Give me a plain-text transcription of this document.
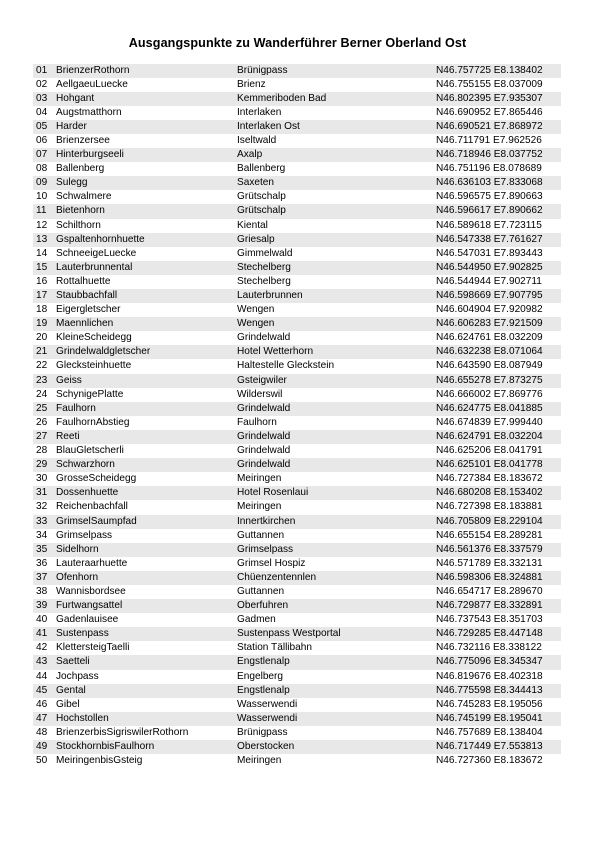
Ausgangspunkte zu Wanderführer Berner Oberland Ost
01 BrienzerRothorn	Brünigpass	N46.757725 E8.138402
02 AellgaeuLuecke	Brienz	N46.755155 E8.037009
03 Hohgant	Kemmeriboden Bad	N46.802395 E7.935307
04 Augstmatthorn	Interlaken	N46.690952 E7.865446
05 Harder	Interlaken Ost	N46.690521 E7.868972
06 Brienzersee	Iseltwald	N46.711791 E7.962526
07 Hinterburgseeli	Axalp	N46.718946 E8.037752
08 Ballenberg	Ballenberg	N46.751196 E8.078689
09 Sulegg	Saxeten	N46.636103 E7.833068
10 Schwalmere	Grütschalp	N46.596575 E7.890663
11 Bietenhorn	Grütschalp	N46.596617 E7.890662
12 Schilthorn	Kiental	N46.589618 E7.723115
13 Gspaltenhornhuette	Griesalp	N46.547338 E7.761627
14 SchneeigeLuecke	Gimmelwald	N46.547031 E7.893443
15 Lauterbrunnental	Stechelberg	N46.544950 E7.902825
16 Rottalhuette	Stechelberg	N46.544944 E7.902711
17 Staubbachfall	Lauterbrunnen	N46.598669 E7.907795
18 Eigergletscher	Wengen	N46.604904 E7.920982
19 Maennlichen	Wengen	N46.606283 E7.921509
20 KleineScheidegg	Grindelwald	N46.624761 E8.032209
21 Grindelwaldgletscher	Hotel Wetterhorn	N46.632238 E8.071064
22 Glecksteinhuette	Haltestelle Gleckstein	N46.643590 E8.087949
23 Geiss	Gsteigwiler	N46.655278 E7.873275
24 SchynigePlatte	Wilderswil	N46.666002 E7.869776
25 Faulhorn	Grindelwald	N46.624775 E8.041885
26 FaulhornAbstieg	Faulhorn	N46.674839 E7.999440
27 Reeti	Grindelwald	N46.624791 E8.032204
28 BlauGletscherli	Grindelwald	N46.625206 E8.041791
29 Schwarzhorn	Grindelwald	N46.625101 E8.041778
30 GrosseScheidegg	Meiringen	N46.727384 E8.183672
31 Dossenhuette	Hotel Rosenlaui	N46.680208 E8.153402
32 Reichenbachfall	Meiringen	N46.727398 E8.183881
33 GrimselSaumpfad	Innertkirchen	N46.705809 E8.229104
34 Grimselpass	Guttannen	N46.655154 E8.289281
35 Sidelhorn	Grimselpass	N46.561376 E8.337579
36 Lauteraarhuette	Grimsel Hospiz	N46.571789 E8.332131
37 Ofenhorn	Chüenzentennlen	N46.598306 E8.324881
38 Wannisbordsee	Guttannen	N46.654717 E8.289670
39 Furtwangsattel	Oberfuhren	N46.729877 E8.332891
40 Gadenlauisee	Gadmen	N46.737543 E8.351703
41 Sustenpass	Sustenpass Westportal	N46.729285 E8.447148
42 KlettersteigTaelli	Station Tällibahn	N46.732116 E8.338122
43 Saetteli	Engstlenalp	N46.775096 E8.345347
44 Jochpass	Engelberg	N46.819676 E8.402318
45 Gental	Engstlenalp	N46.775598 E8.344413
46 Gibel	Wasserwendi	N46.745283 E8.195056
47 Hochstollen	Wasserwendi	N46.745199 E8.195041
48 BrienzerbisSigriswilerRothorn	Brünigpass	N46.757689 E8.138404
49 StockhornbisFaulhorn	Oberstocken	N46.717449 E7.553813
50 MeiringenbisGsteig	Meiringen	N46.727360 E8.183672
